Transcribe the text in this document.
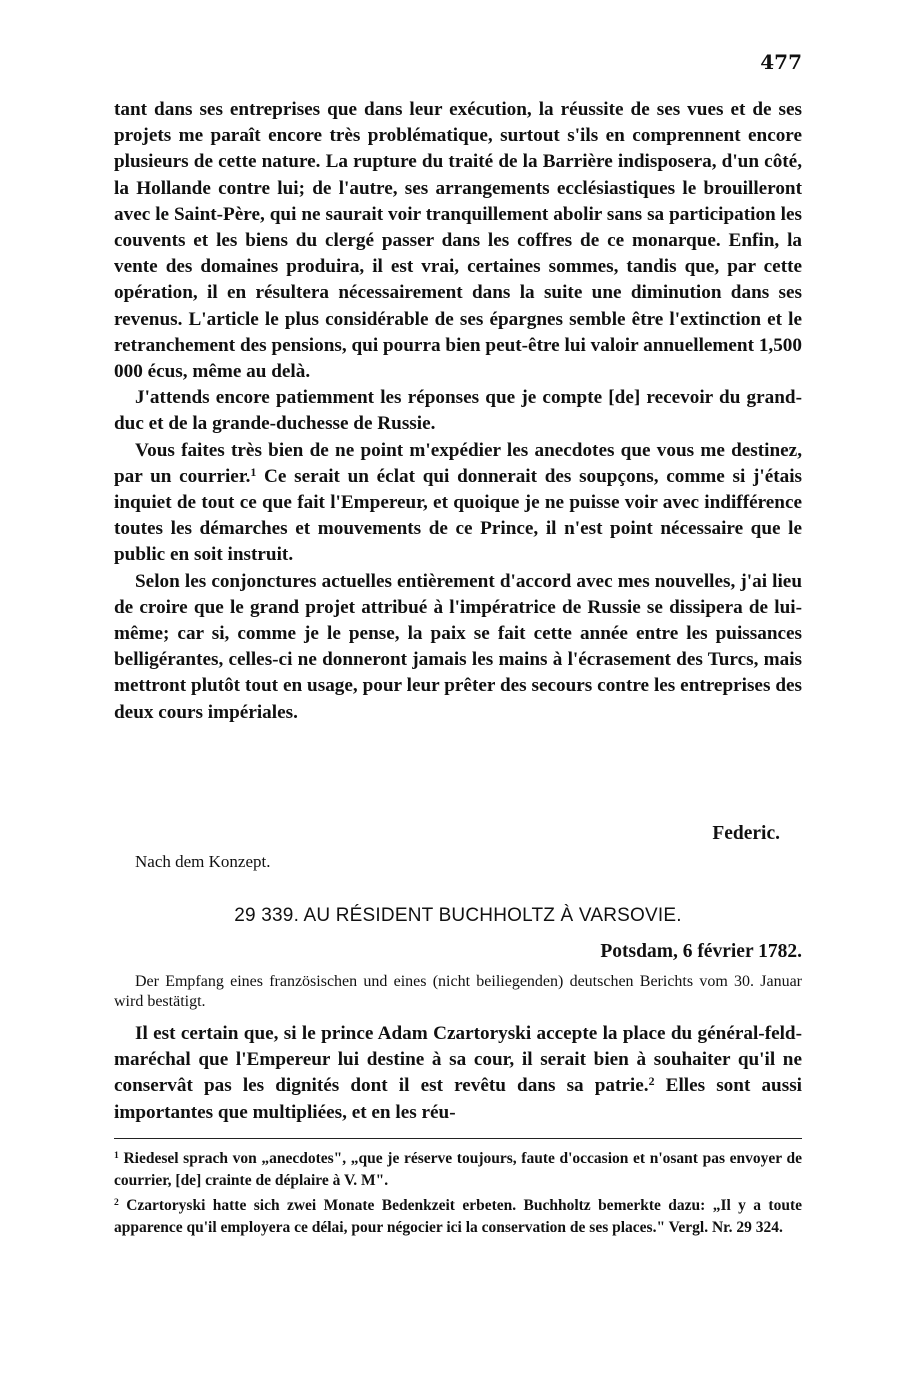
477

tant dans ses entreprises que dans leur exécution, la réussite de ses vues et de ses projets me paraît encore très problématique, surtout s'ils en comprennent encore plusieurs de cette nature. La rupture du traité de la Barrière indisposera, d'un côté, la Hollande contre lui; de l'autre, ses arrangements ecclésiastiques le brouilleront avec le Saint-Père, qui ne saurait voir tranquillement abolir sans sa participation les couvents et les biens du clergé passer dans les coffres de ce monarque. Enfin, la vente des domaines produira, il est vrai, certaines sommes, tandis que, par cette opération, il en résultera nécessairement dans la suite une diminution dans ses revenus. L'article le plus considérable de ses épargnes semble être l'extinction et le retranchement des pensions, qui pourra bien peut-être lui valoir annuellement 1,500 000 écus, même au delà.

J'attends encore patiemment les réponses que je compte [de] recevoir du grand-duc et de la grande-duchesse de Russie.

Vous faites très bien de ne point m'expédier les anecdotes que vous me destinez, par un courrier.$^1$ Ce serait un éclat qui donnerait des soupçons, comme si j'étais inquiet de tout ce que fait l'Empereur, et quoique je ne puisse voir avec indifférence toutes les démarches et mouvements de ce Prince, il n'est point nécessaire que le public en soit instruit.

Selon les conjonctures actuelles entièrement d'accord avec mes nouvelles, j'ai lieu de croire que le grand projet attribué à l'impératrice de Russie se dissipera de lui-même; car si, comme je le pense, la paix se fait cette année entre les puissances belligérantes, celles-ci ne donneront jamais les mains à l'écrasement des Turcs, mais mettront plutôt tout en usage, pour leur prêter des secours contre les entreprises des deux cours impériales.

Federic.
Nach dem Konzept.
29 339. AU RÉSIDENT BUCHHOLTZ À VARSOVIE.
Potsdam, 6 février 1782.

Der Empfang eines französischen und eines (nicht beiliegenden) deutschen Berichts vom 30. Januar wird bestätigt.

Il est certain que, si le prince Adam Czartoryski accepte la place du général-feld-maréchal que l'Empereur lui destine à sa cour, il serait bien à souhaiter qu'il ne conservât pas les dignités dont il est revêtu dans sa patrie.$^2$ Elles sont aussi importantes que multipliées, et en les réu-

$^1$ Riedesel sprach von „anecdotes", „que je réserve toujours, faute d'occasion et n'osant pas envoyer de courrier, [de] crainte de déplaire à V. M".

$^2$ Czartoryski hatte sich zwei Monate Bedenkzeit erbeten. Buchholtz bemerkte dazu: „Il y a toute apparence qu'il employera ce délai, pour négocier ici la conservation de ses places." Vergl. Nr. 29 324.
